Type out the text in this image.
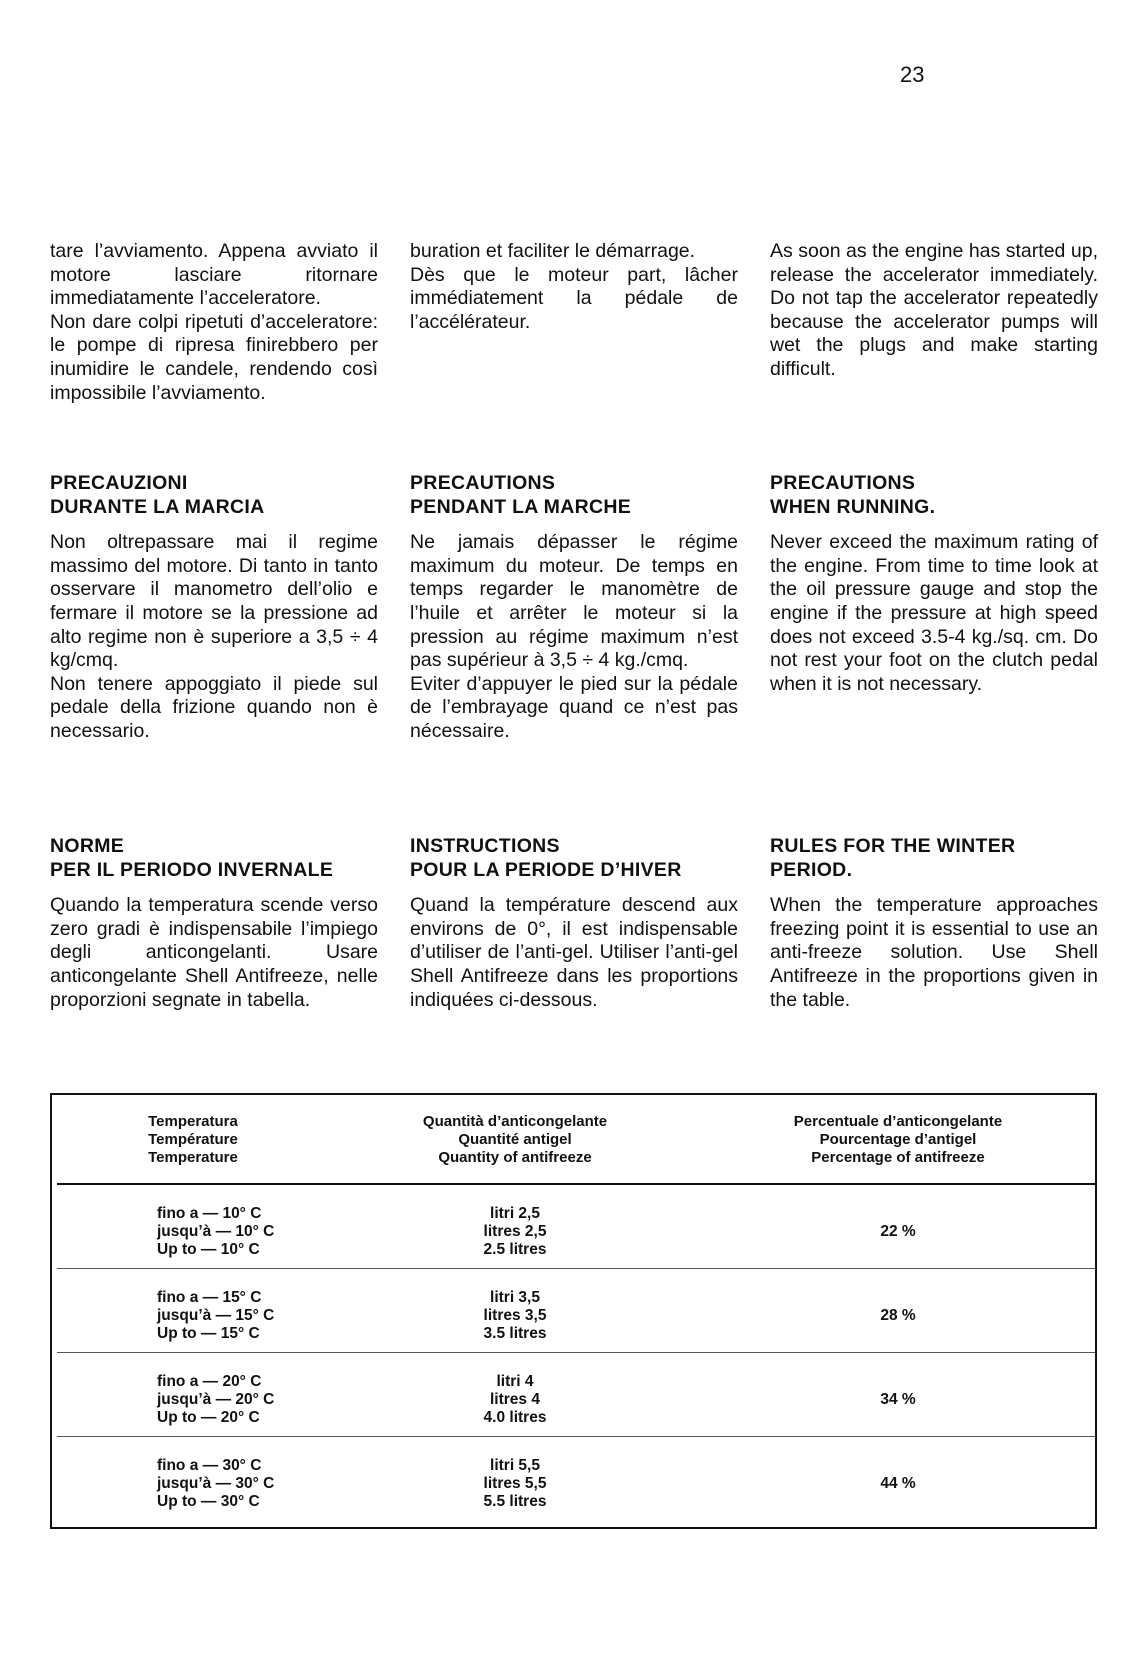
23

tare l’avviamento. Appena avviato il motore lasciare ritornare immediatamente l’acceleratore.

Non dare colpi ripetuti d’acceleratore: le pompe di ripresa finirebbero per inumidire le candele, rendendo così impossibile l’avviamento.

PRECAUZIONI
DURANTE LA MARCIA

Non oltrepassare mai il regime massimo del motore. Di tanto in tanto osservare il manometro dell’olio e fermare il motore se la pressione ad alto regime non è superiore a 3,5 ÷ 4 kg/cmq.

Non tenere appoggiato il piede sul pedale della frizione quando non è necessario.

NORME
PER IL PERIODO INVERNALE

Quando la temperatura scende verso zero gradi è indispensabile l’impiego degli anticongelanti. Usare anticongelante Shell Antifreeze, nelle proporzioni segnate in tabella.

buration et faciliter le démarrage.

Dès que le moteur part, lâcher immédiatement la pédale de l’accélérateur.

PRECAUTIONS
PENDANT LA MARCHE

Ne jamais dépasser le régime maximum du moteur. De temps en temps regarder le manomètre de l’huile et arrêter le moteur si la pression au régime maximum n’est pas supérieur à 3,5 ÷ 4 kg./cmq.

Eviter d’appuyer le pied sur la pédale de l’embrayage quand ce n’est pas nécessaire.

INSTRUCTIONS
POUR LA PERIODE D’HIVER

Quand la température descend aux environs de 0°, il est indispensable d’utiliser de l’anti-gel. Utiliser l’anti-gel Shell Antifreeze dans les proportions indiquées ci-dessous.

As soon as the engine has started up, release the accelerator immediately. Do not tap the accelerator repeatedly because the accelerator pumps will wet the plugs and make starting difficult.

PRECAUTIONS
WHEN RUNNING.

Never exceed the maximum rating of the engine. From time to time look at the oil pressure gauge and stop the engine if the pressure at high speed does not exceed 3.5-4 kg./sq. cm. Do not rest your foot on the clutch pedal when it is not necessary.

RULES FOR THE WINTER
PERIOD.

When the temperature approaches freezing point it is essential to use an anti-freeze solution. Use Shell Antifreeze in the proportions given in the table.

Temperatura
Température
Temperature
Quantità d’anticongelante
Quantité antigel
Quantity of antifreeze
Percentuale d’anticongelante
Pourcentage d’antigel
Percentage of antifreeze
fino a — 10° C
jusqu’à — 10° C
Up to — 10° C
litri 2,5
litres 2,5
2.5 litres
22 %
fino a — 15° C
jusqu’à — 15° C
Up to — 15° C
litri 3,5
litres 3,5
3.5 litres
28 %
fino a — 20° C
jusqu’à — 20° C
Up to — 20° C
litri 4
litres 4
4.0 litres
34 %
fino a — 30° C
jusqu’à — 30° C
Up to — 30° C
litri 5,5
litres 5,5
5.5 litres
44 %
